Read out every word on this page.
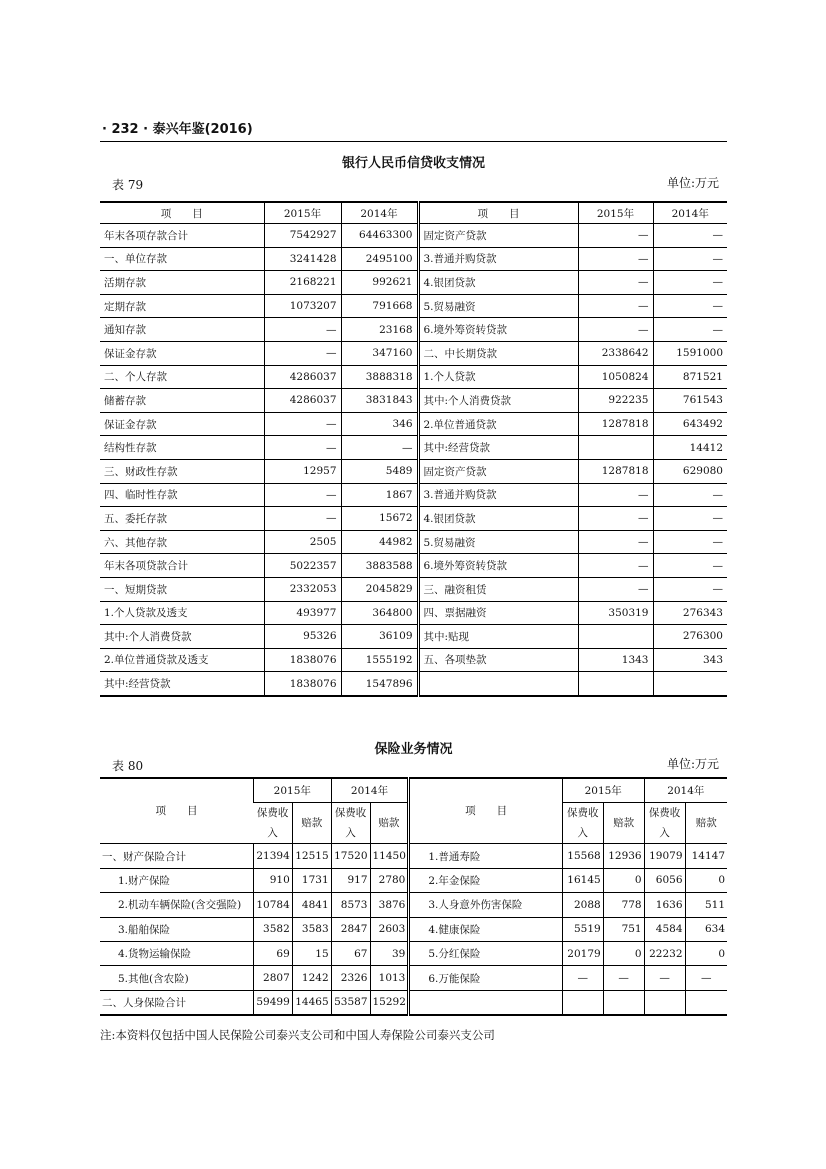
· 232 · 泰兴年鉴(2016)
银行人民币信贷收支情况
表 79	单位:万元
项　　目	2015年	2014年	项　　目	2015年	2014年
年末各项存款合计	7542927	64463300	固定资产贷款	—	—
一、单位存款	3241428	2495100	3.普通并购贷款	—	—
活期存款	2168221	992621	4.银团贷款	—	—
定期存款	1073207	791668	5.贸易融资	—	—
通知存款	—	23168	6.境外筹资转贷款	—	—
保证金存款	—	347160	二、中长期贷款	2338642	1591000
二、个人存款	4286037	3888318	1.个人贷款	1050824	871521
储蓄存款	4286037	3831843	其中:个人消费贷款	922235	761543
保证金存款	—	346	2.单位普通贷款	1287818	643492
结构性存款	—	—	其中:经营贷款		14412
三、财政性存款	12957	5489	固定资产贷款	1287818	629080
四、临时性存款	—	1867	3.普通并购贷款	—	—
五、委托存款	—	15672	4.银团贷款	—	—
六、其他存款	2505	44982	5.贸易融资	—	—
年末各项贷款合计	5022357	3883588	6.境外筹资转贷款	—	—
一、短期贷款	2332053	2045829	三、融资租赁	—	—
1.个人贷款及透支	493977	364800	四、票据融资	350319	276343
其中:个人消费贷款	95326	36109	其中:贴现		276300
2.单位普通贷款及透支	1838076	1555192	五、各项垫款	1343	343
其中:经营贷款	1838076	1547896			
保险业务情况
表 80	单位:万元
项　　目	2015年		2014年		项　　目	2015年		2014年	
	保费收入	赔款	保费收入	赔款		保费收入	赔款	保费收入	赔款
一、财产保险合计	21394	12515	17520	11450	1.普通寿险	15568	12936	19079	14147
1.财产保险	910	1731	917	2780	2.年金保险	16145	0	6056	0
2.机动车辆保险(含交强险)	10784	4841	8573	3876	3.人身意外伤害保险	2088	778	1636	511
3.船舶保险	3582	3583	2847	2603	4.健康保险	5519	751	4584	634
4.货物运输保险	69	15	67	39	5.分红保险	20179	0	22232	0
5.其他(含农险)	2807	1242	2326	1013	6.万能保险	—	—	—	—
二、人身保险合计	59499	14465	53587	15292					
注:本资料仅包括中国人民保险公司泰兴支公司和中国人寿保险公司泰兴支公司
